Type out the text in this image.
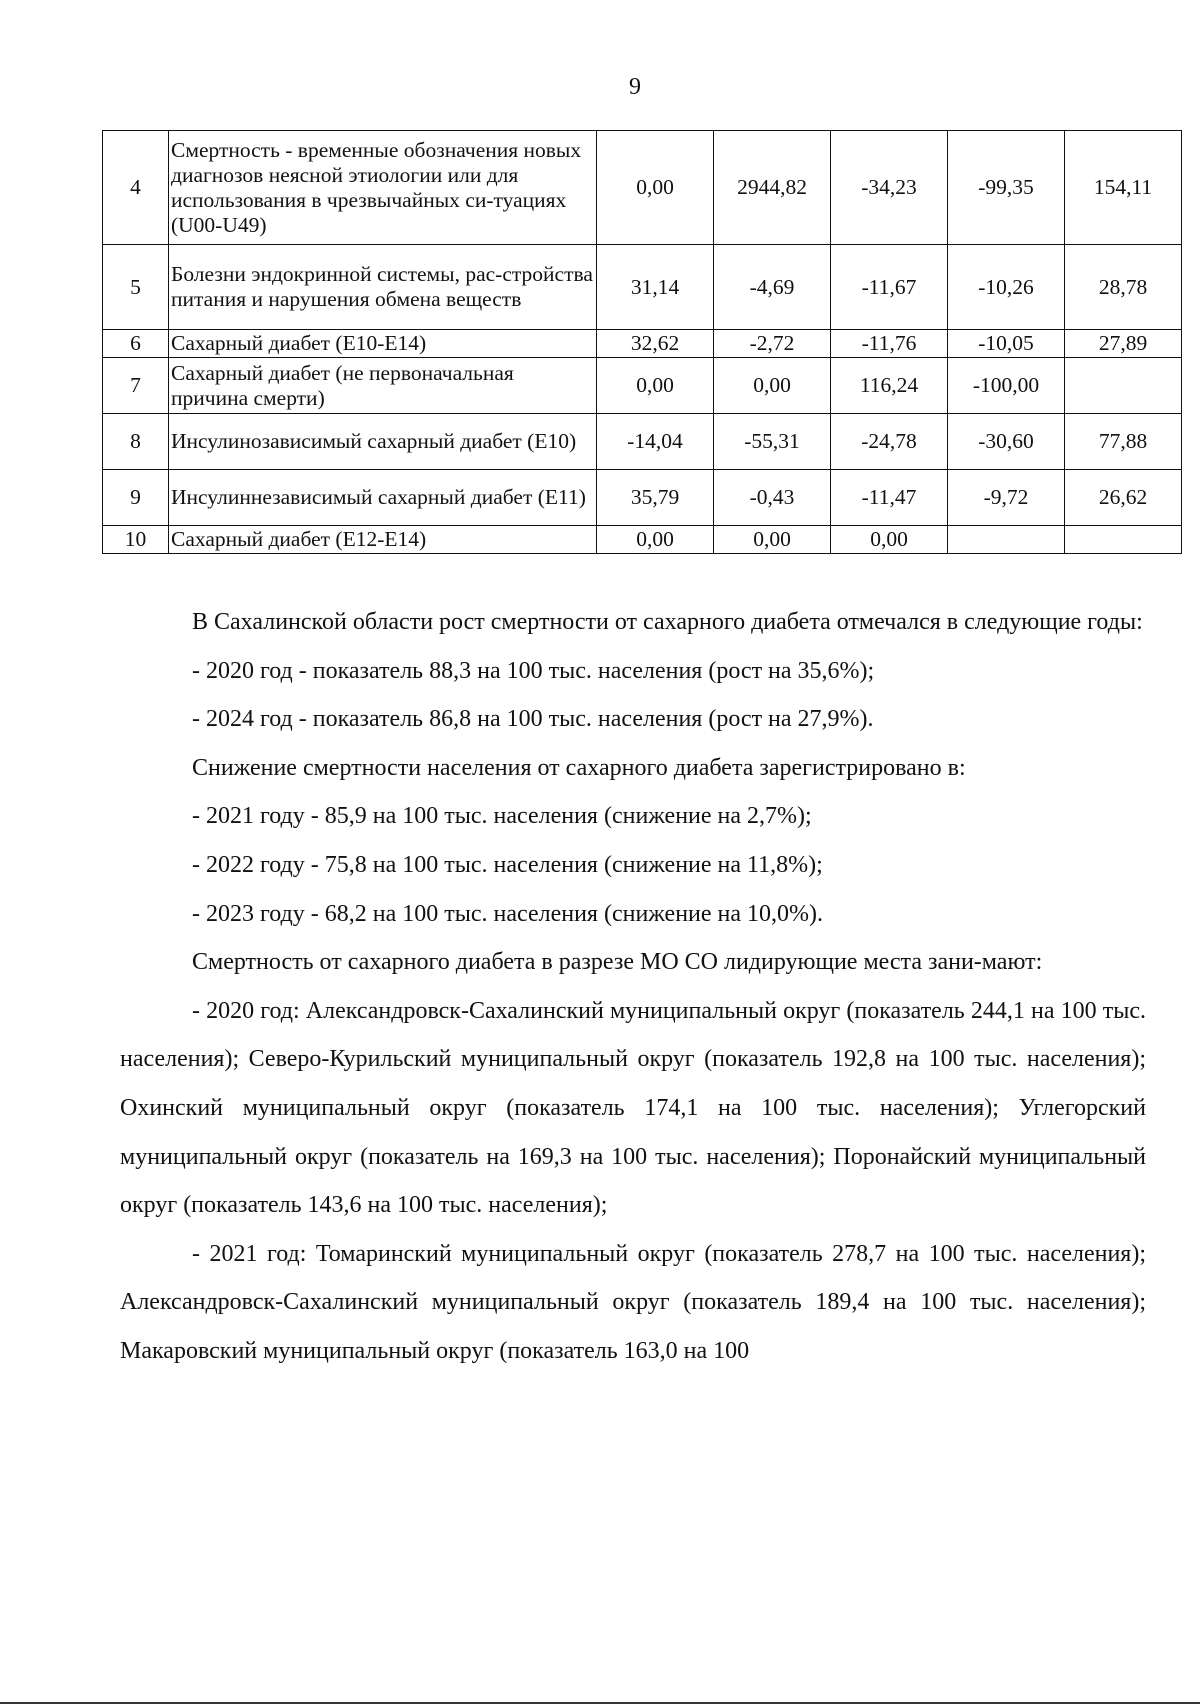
9
4	Смертность - временные обозначения новых диагнозов неясной этиологии или для использования в чрезвычайных си-туациях (U00-U49)	0,00	2944,82	-34,23	-99,35	154,11
5	Болезни эндокринной системы, рас-стройства питания и нарушения обмена веществ	31,14	-4,69	-11,67	-10,26	28,78
6	Сахарный диабет (E10-E14)	32,62	-2,72	-11,76	-10,05	27,89
7	Сахарный диабет (не первоначальная причина смерти)	0,00	0,00	116,24	-100,00	
8	Инсулинозависимый сахарный диабет (E10)	-14,04	-55,31	-24,78	-30,60	77,88
9	Инсулиннезависимый сахарный диабет (E11)	35,79	-0,43	-11,47	-9,72	26,62
10	Сахарный диабет (E12-E14)	0,00	0,00	0,00		

В Сахалинской области рост смертности от сахарного диабета отмечался в следующие годы:

- 2020 год - показатель 88,3 на 100 тыс. населения (рост на 35,6%);

- 2024 год - показатель 86,8 на 100 тыс. населения (рост на 27,9%).

Снижение смертности населения от сахарного диабета зарегистрировано в:

- 2021 году - 85,9 на 100 тыс. населения (снижение на 2,7%);

- 2022 году - 75,8 на 100 тыс. населения (снижение на 11,8%);

- 2023 году - 68,2 на 100 тыс. населения (снижение на 10,0%).

Смертность от сахарного диабета в разрезе МО СО лидирующие места зани-мают:

- 2020 год: Александровск-Сахалинский муниципальный округ (показатель 244,1 на 100 тыс. населения); Северо-Курильский муниципальный округ (показатель 192,8 на 100 тыс. населения); Охинский муниципальный округ (показатель 174,1 на 100 тыс. населения); Углегорский муниципальный округ (показатель на 169,3 на 100 тыс. населения); Поронайский муниципальный округ (показатель 143,6 на 100 тыс. населения);

- 2021 год: Томаринский муниципальный округ (показатель 278,7 на 100 тыс. населения); Александровск-Сахалинский муниципальный округ (показатель 189,4 на 100 тыс. населения); Макаровский муниципальный округ (показатель 163,0 на 100
